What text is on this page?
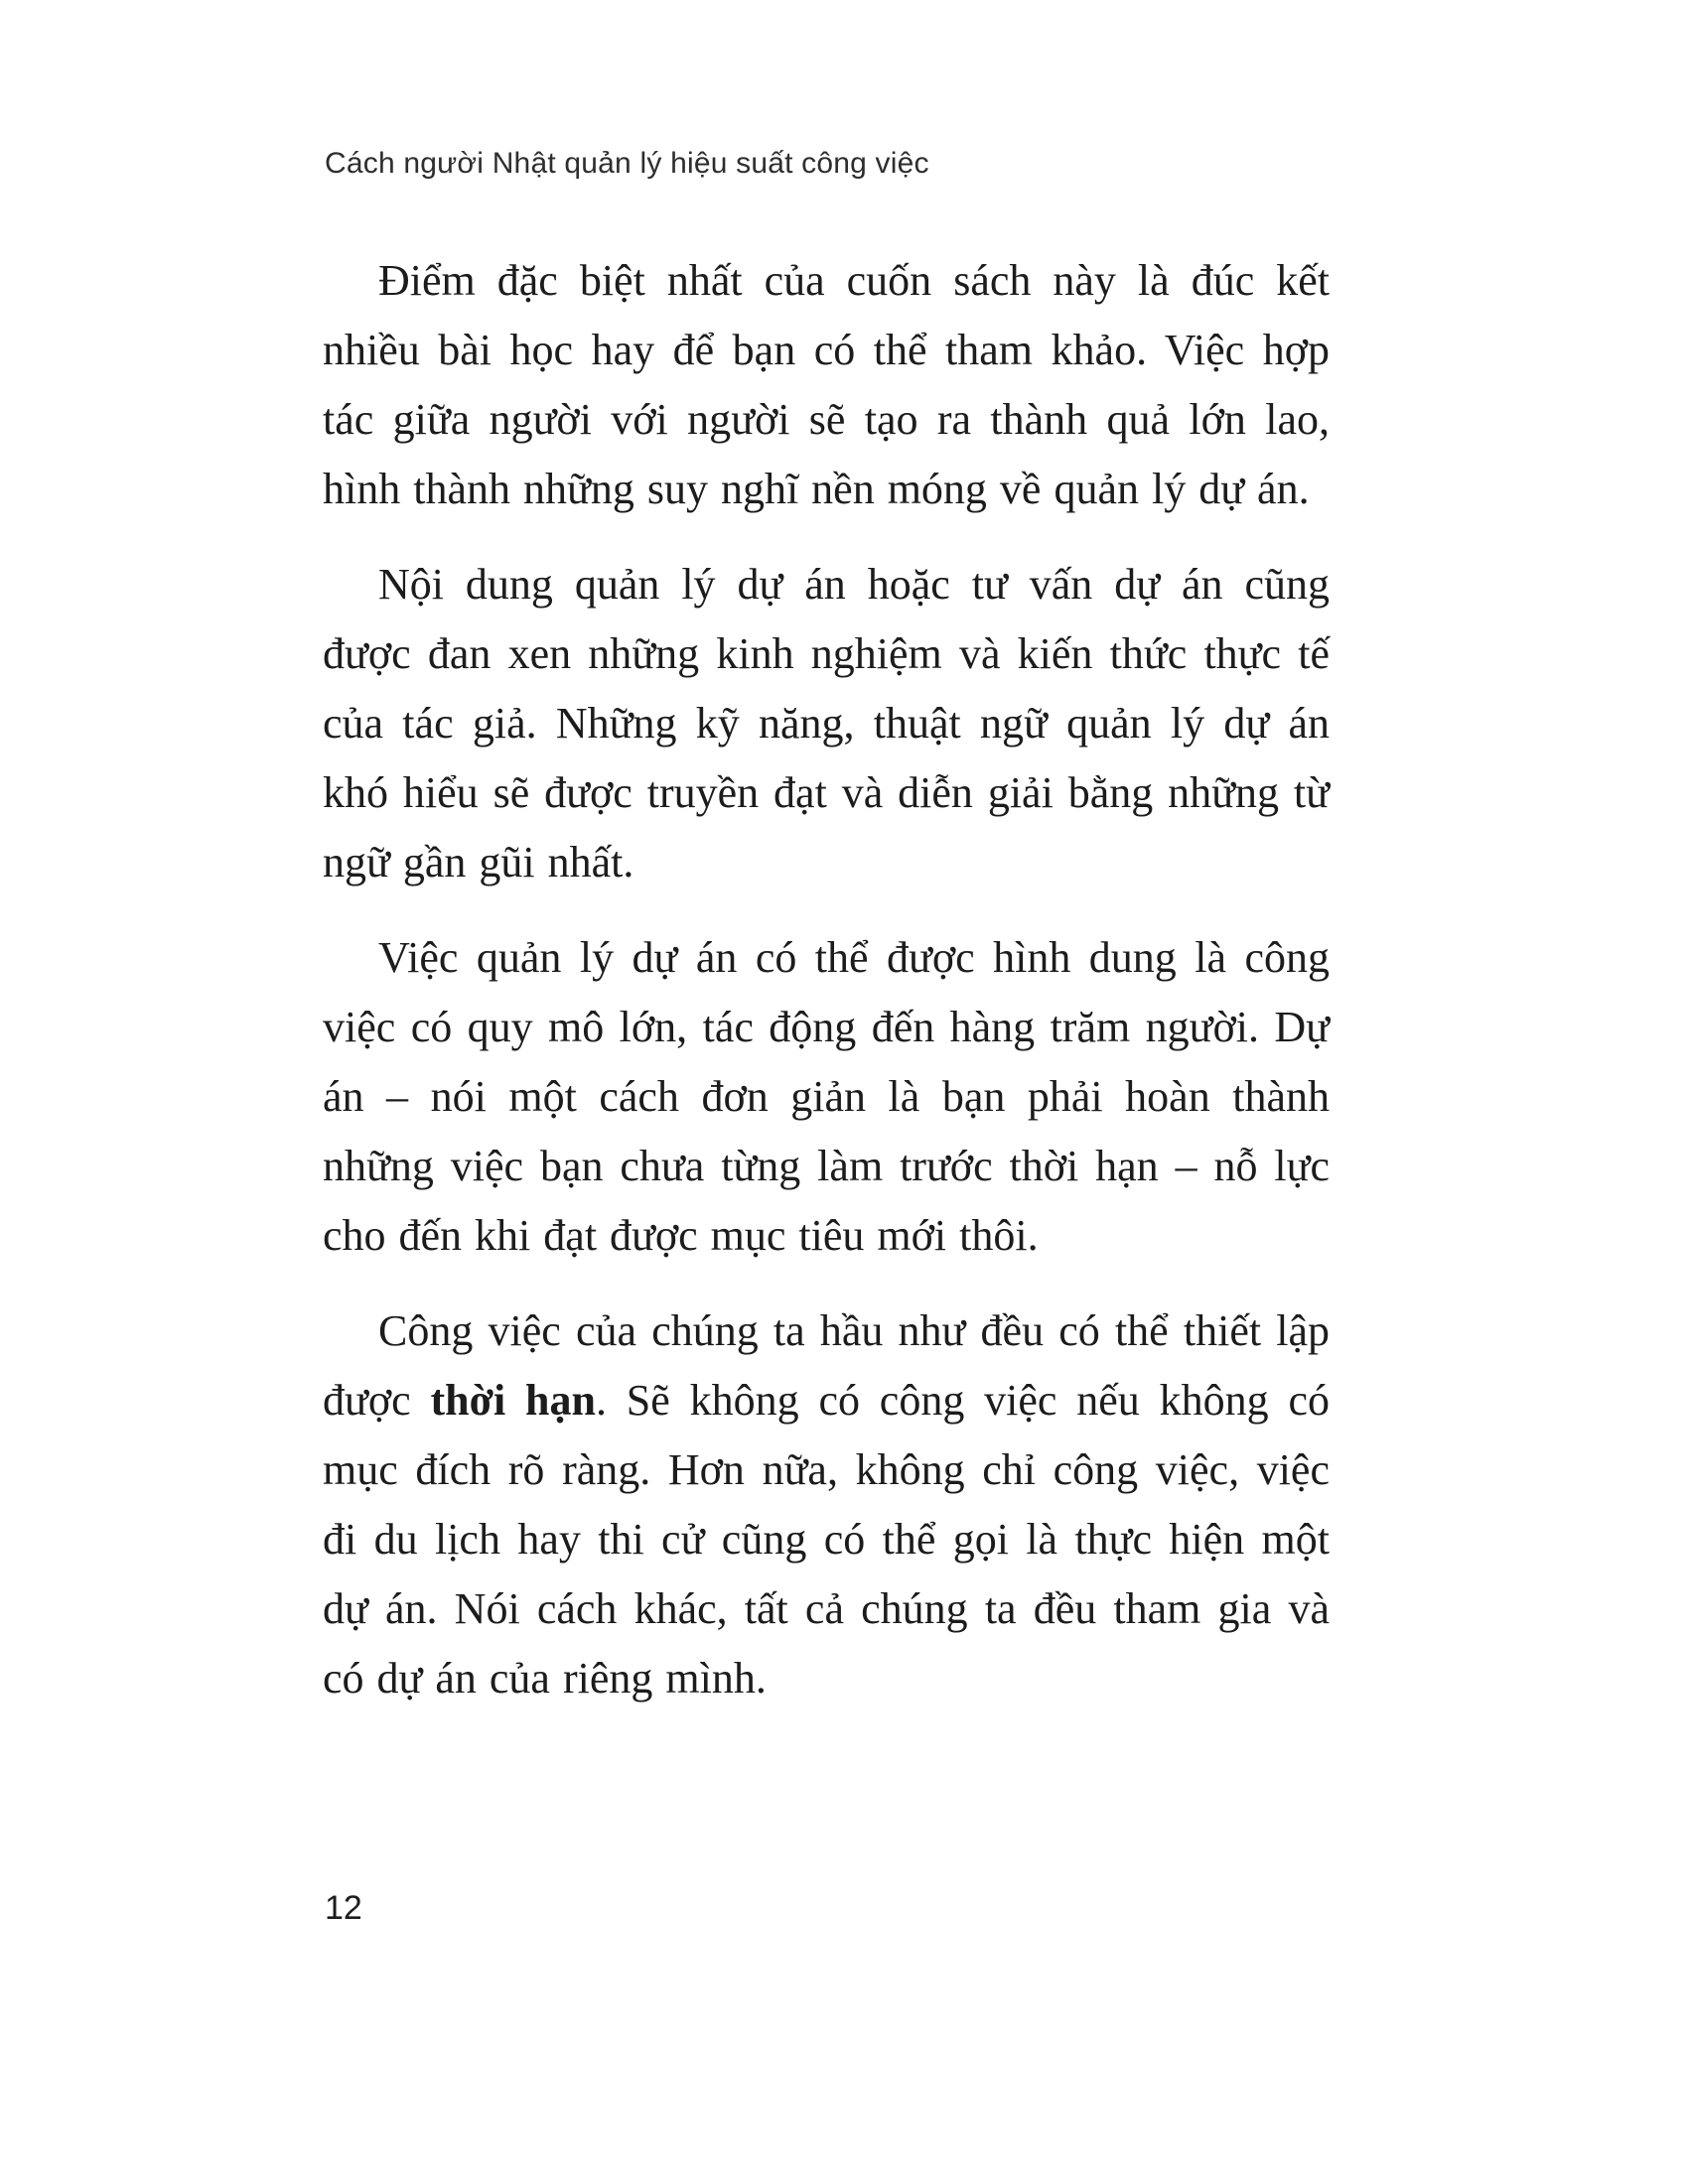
Cách người Nhật quản lý hiệu suất công việc

Điểm đặc biệt nhất của cuốn sách này là đúc kết nhiều bài học hay để bạn có thể tham khảo. Việc hợp tác giữa người với người sẽ tạo ra thành quả lớn lao, hình thành những suy nghĩ nền móng về quản lý dự án.

Nội dung quản lý dự án hoặc tư vấn dự án cũng được đan xen những kinh nghiệm và kiến thức thực tế của tác giả. Những kỹ năng, thuật ngữ quản lý dự án khó hiểu sẽ được truyền đạt và diễn giải bằng những từ ngữ gần gũi nhất.

Việc quản lý dự án có thể được hình dung là công việc có quy mô lớn, tác động đến hàng trăm người. Dự án – nói một cách đơn giản là bạn phải hoàn thành những việc bạn chưa từng làm trước thời hạn – nỗ lực cho đến khi đạt được mục tiêu mới thôi.

Công việc của chúng ta hầu như đều có thể thiết lập được thời hạn. Sẽ không có công việc nếu không có mục đích rõ ràng. Hơn nữa, không chỉ công việc, việc đi du lịch hay thi cử cũng có thể gọi là thực hiện một dự án. Nói cách khác, tất cả chúng ta đều tham gia và có dự án của riêng mình.

12
